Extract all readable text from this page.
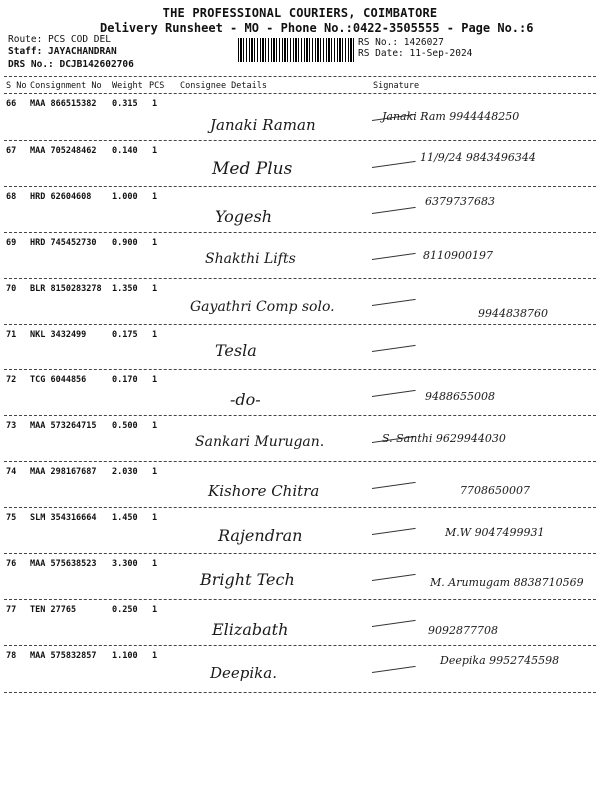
THE PROFESSIONAL COURIERS, COIMBATORE
Delivery Runsheet - MO - Phone No.:0422-3505555 - Page No.:6
Route: PCS COD DEL
Staff: JAYACHANDRAN
DRS No.: DCJB142602706
RS No.: 1426027
RS Date: 11-Sep-2024
S No Consignment No Weight PCS Consignee Details	Signature
66 MAA 866515382 0.315 1
Janaki Raman	Janaki Ram 9944448250
67 MAA 705248462 0.140 1
Med Plus
11/9/24 9843496344
68 HRD 62604608 1.000 1
Yogesh
6379737683
69 HRD 745452730 0.900 1
Shakthi Lifts	8110900197
70 BLR 8150283278 1.350 1
Gayathri Comp solo.	9944838760
71 NKL 3432499	0.175 1
Tesla
72 TCG 6044856	0.170 1
-do-	9488655008
73 MAA 573264715 0.500 1
Sankari Murugan.	S. Santhi 9629944030
74 MAA 298167687 2.030 1
Kishore Chitra	7708650007
75 SLM 354316664 1.450 1
Rajendran	M.W 9047499931
76 MAA 575638523 3.300 1
Bright Tech	M. Arumugam 8838710569
77 TEN 27765	0.250 1
Elizabath	9092877708
78 MAA 575832857 1.100 1
Deepika.
Deepika 9952745598
